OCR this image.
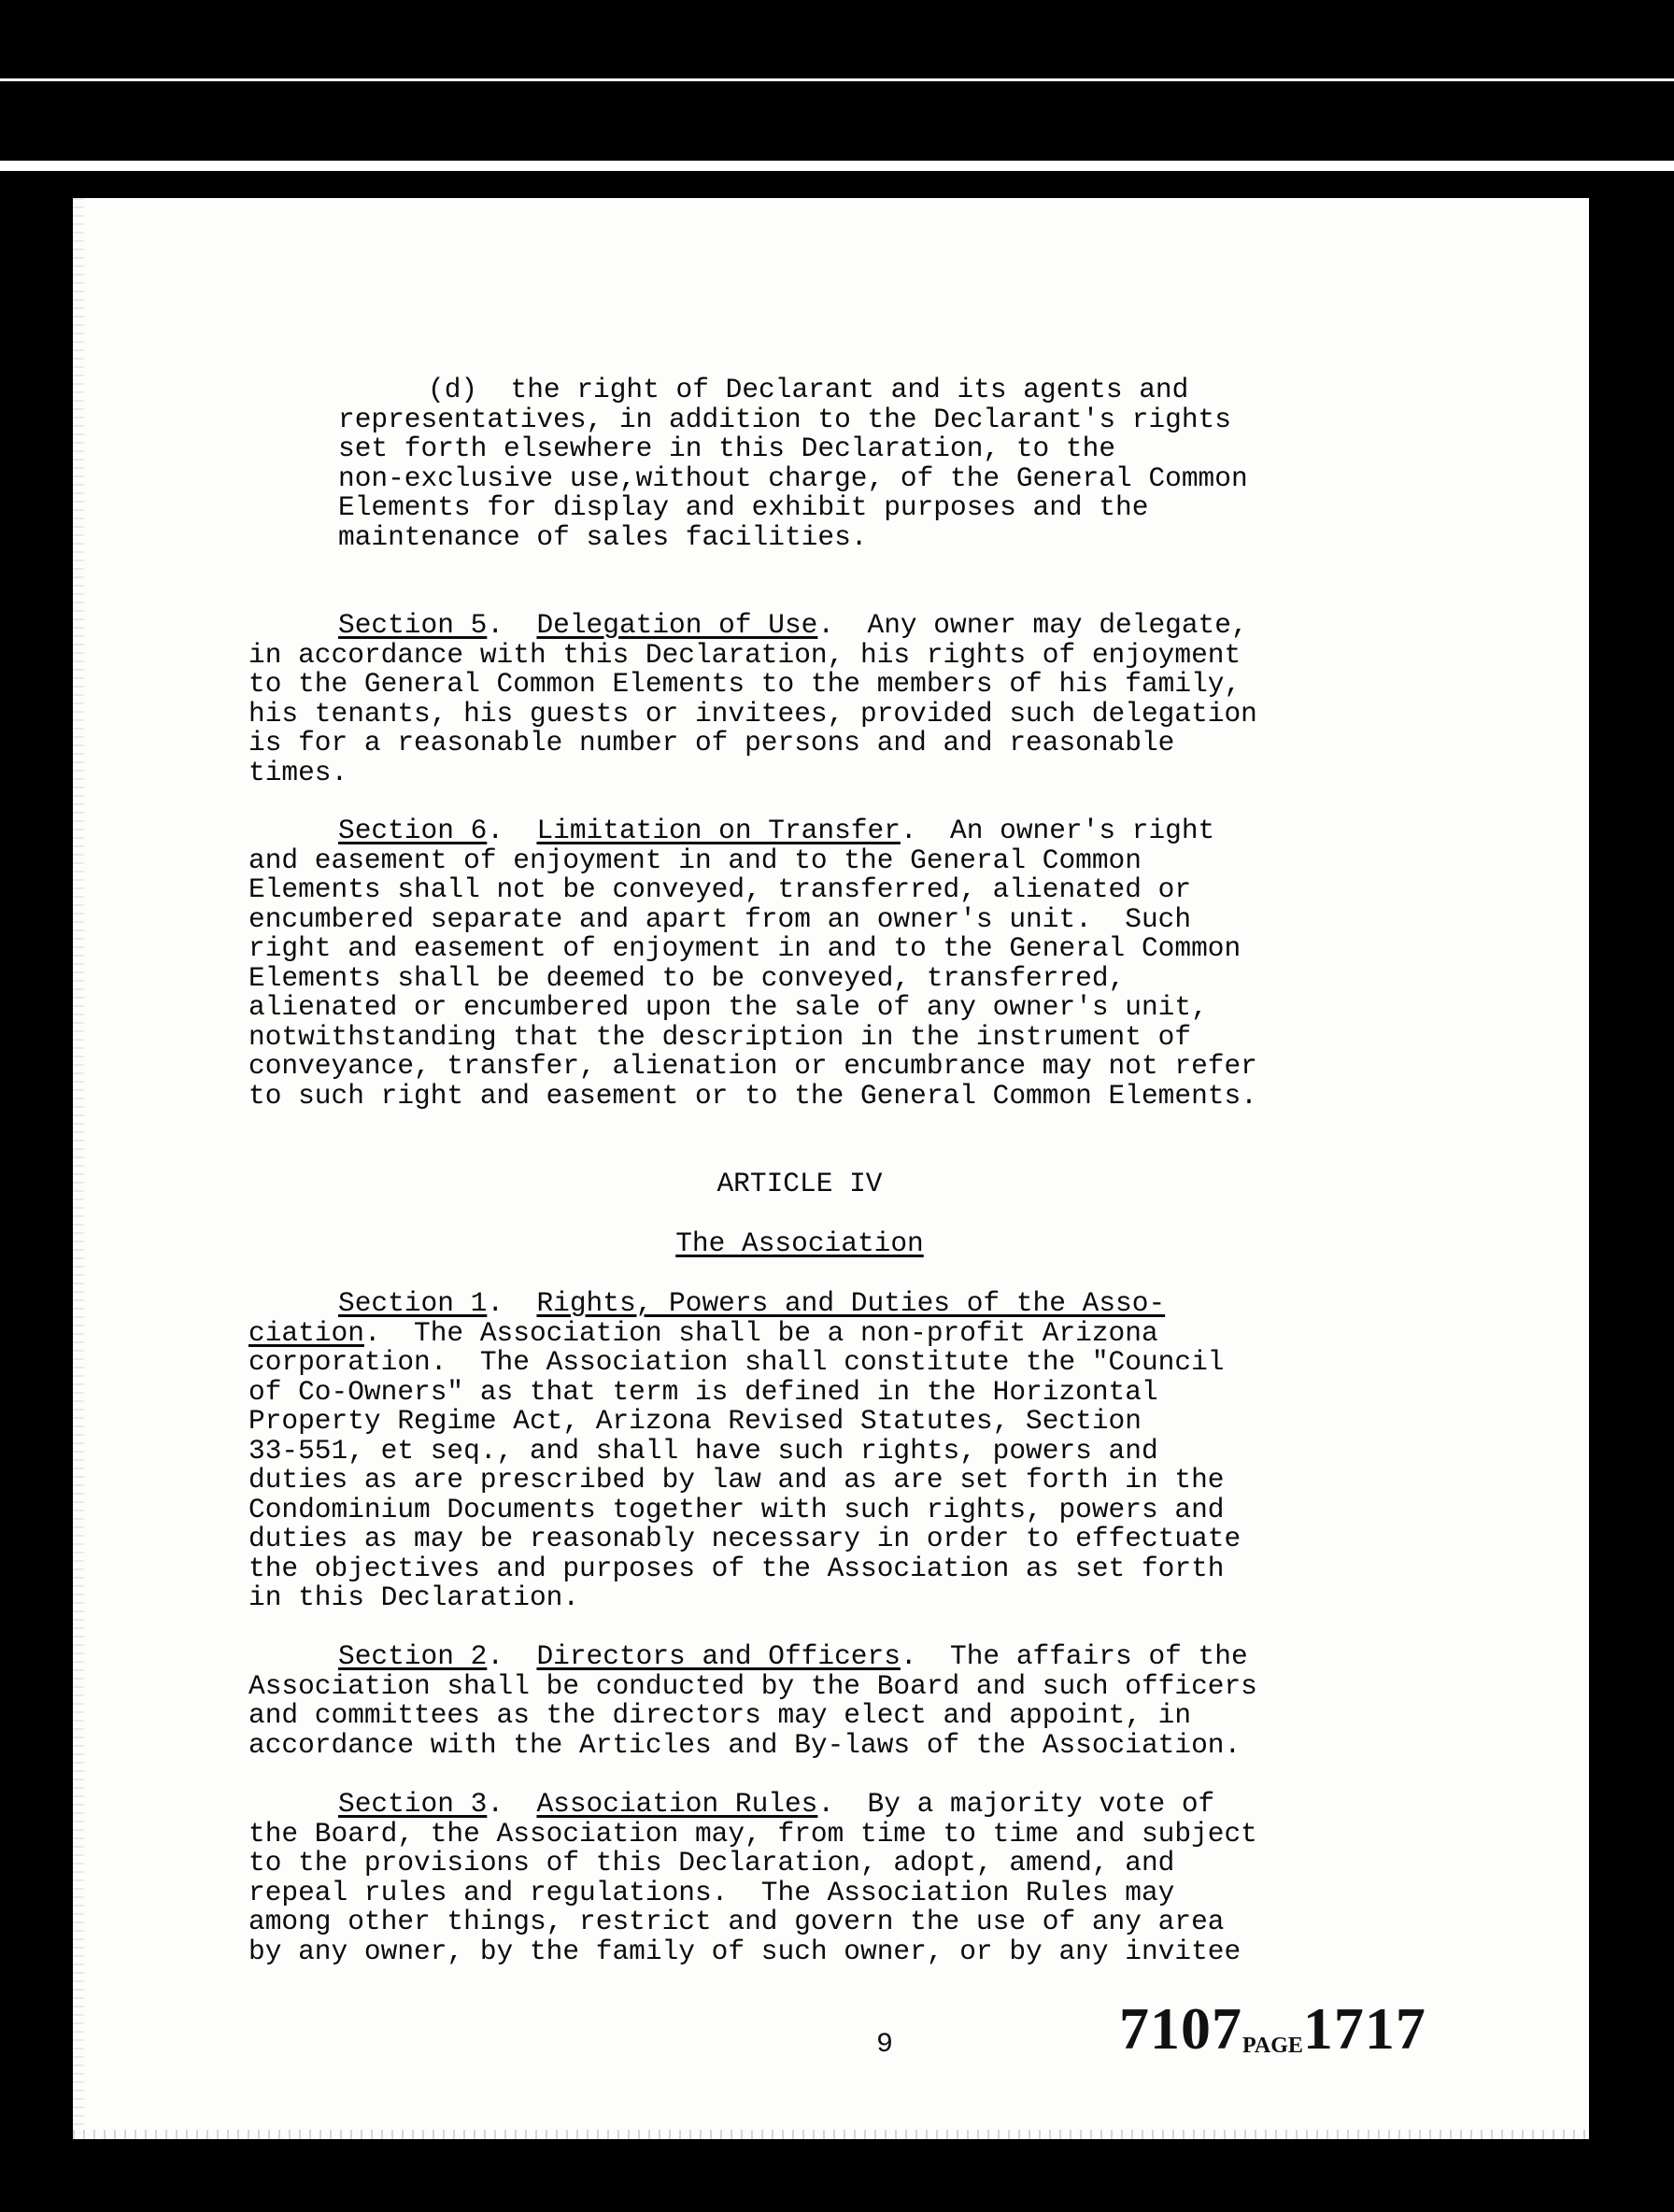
(d)  the right of Declarant and its agents and

representatives, in addition to the Declarant's rights

set forth elsewhere in this Declaration, to the

non-exclusive use,without charge, of the General Common

Elements for display and exhibit purposes and the

maintenance of sales facilities.

Section 5.  Delegation of Use.  Any owner may delegate,

in accordance with this Declaration, his rights of enjoyment

to the General Common Elements to the members of his family,

his tenants, his guests or invitees, provided such delegation

is for a reasonable number of persons and and reasonable

times.

Section 6.  Limitation on Transfer.  An owner's right

and easement of enjoyment in and to the General Common

Elements shall not be conveyed, transferred, alienated or

encumbered separate and apart from an owner's unit.  Such

right and easement of enjoyment in and to the General Common

Elements shall be deemed to be conveyed, transferred,

alienated or encumbered upon the sale of any owner's unit,

notwithstanding that the description in the instrument of

conveyance, transfer, alienation or encumbrance may not refer

to such right and easement or to the General Common Elements.

ARTICLE IV
The Association

Section 1.  Rights, Powers and Duties of the Asso-

ciation.  The Association shall be a non-profit Arizona

corporation.  The Association shall constitute the "Council

of Co-Owners" as that term is defined in the Horizontal

Property Regime Act, Arizona Revised Statutes, Section

33-551, et seq., and shall have such rights, powers and

duties as are prescribed by law and as are set forth in the

Condominium Documents together with such rights, powers and

duties as may be reasonably necessary in order to effectuate

the objectives and purposes of the Association as set forth

in this Declaration.

Section 2.  Directors and Officers.  The affairs of the

Association shall be conducted by the Board and such officers

and committees as the directors may elect and appoint, in

accordance with the Articles and By-laws of the Association.

Section 3.  Association Rules.  By a majority vote of

the Board, the Association may, from time to time and subject

to the provisions of this Declaration, adopt, amend, and

repeal rules and regulations.  The Association Rules may

among other things, restrict and govern the use of any area

by any owner, by the family of such owner, or by any invitee

9	7107PAGE1717
